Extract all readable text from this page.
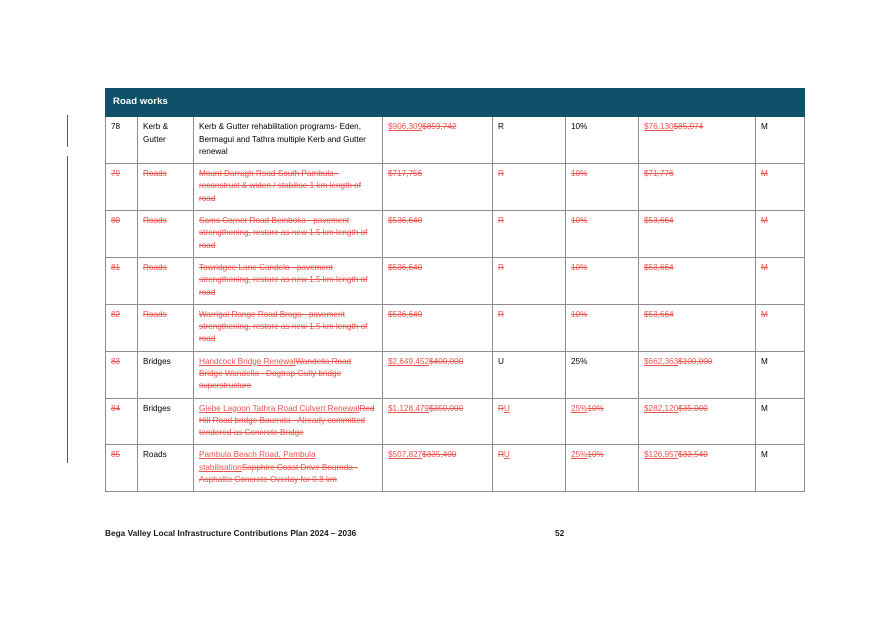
Road works							
78	Kerb & Gutter	Kerb & Gutter rehabilitation programs- Eden, Bermagui and Tathra multiple Kerb and Gutter renewal	$906,309$859,742	R	10%	$76,130$85,974	M
79	Roads	Mount Darragh Road South Pambula - reconstruct & widen / stabilise 1 km length of road	$717,756	R	10%	$71,776	M
80	Roads	Sams Corner Road Bemboka - pavement strengthening, restore as new 1.5 km length of road	$536,640	R	10%	$53,664	M
81	Roads	Towridgee Lane Candelo - pavement strengthening, restore as new 1.5 km length of road	$536,640	R	10%	$53,664	M
82	Roads	Warrigal Range Road Brogo - pavement strengthening, restore as new 1.5 km length of road	$536,640	R	10%	$53,664	M
83	Bridges	Handcock Bridge RenewalWandella Road Bridge Wandella - Dogtrap Gully bridge superstructure	$2,649,452$400,000	U	25%	$662,363$100,000	M
84	Bridges	Glebe Lagoon Tathra Road Culvert RenewalRed Hill Road bridge Bournda - Already committed tendered as Concrete Bridge	$1,128,479$350,000	RU	25%10%	$282,120$35,000	M
85	Roads	Pambula Beach Road, Pambula stabilisationSapphire Coast Drive Bournda - Asphaltic Concrete Overlay for 0.8 km	$507,827$335,400	RU	25%10%	$126,957$33,540	M
Bega Valley Local Infrastructure Contributions Plan 2024 – 2036	52
